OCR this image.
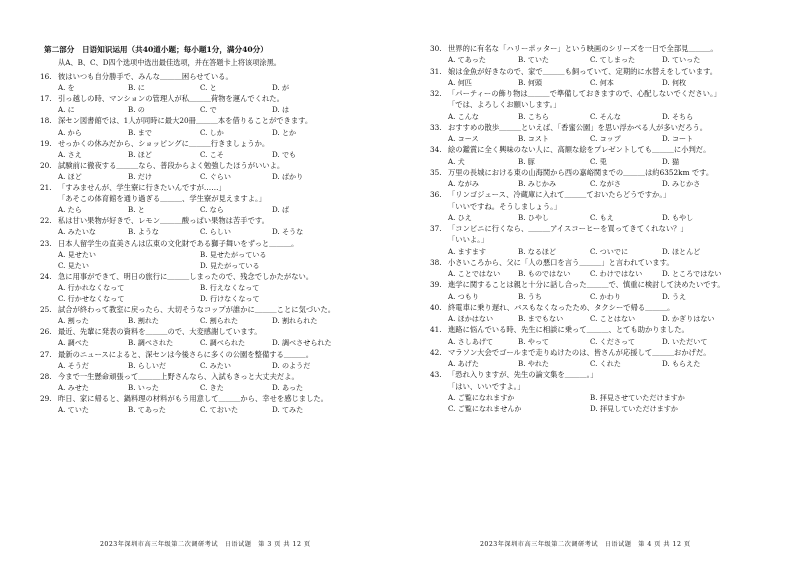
第二部分　日语知识运用（共40道小题；每小题1分，满分40分）
从A、B、C、D四个选项中选出最佳选项，并在答题卡上将该项涂黑。
16. 彼はいつも自分勝手で、みんな＿＿＿困らせている。
A. を	B. に	C. と	D. が
17. 引っ越しの時、マンションの管理人が私＿＿＿荷物を運んでくれた。
A. に	B. の	C. で	D. は
18. 深セン図書館では、1人が同時に最大20冊＿＿＿本を借りることができます。
A. から	B. まで	C. しか	D. とか
19. せっかくの休みだから、ショッピングに＿＿＿行きましょうか。
A. さえ	B. ほど	C. こそ	D. でも
20. 試験前に徹夜する＿＿＿なら、普段からよく勉強したほうがいいよ。
A. ほど	B. だけ	C. ぐらい	D. ばかり
21. 「すみませんが、学生寮に行きたいんですが……」
「あそこの体育館を通り過ぎる＿＿＿、学生寮が見えますよ。」
A. たら	B. と	C. なら	D. ば
22. 私は甘い果物が好きで、レモン＿＿＿酸っぱい果物は苦手です。
A. みたいな	B. ような	C. らしい	D. そうな
23. 日本人留学生の直美さんは広東の文化財である獅子舞いをずっと＿＿＿。
A. 見せたい	B. 見せたがっている
C. 見たい	D. 見たがっている
24. 急に用事ができて、明日の旅行に＿＿＿しまったので、残念でしかたがない。
A. 行かれなくなって	B. 行えなくなって
C. 行かせなくなって	D. 行けなくなって
25. 試合が終わって教室に戻ったら、大切そうなコップが誰かに＿＿＿ことに気づいた。
A. 割った	B. 割れた	C. 割られた	D. 割れられた
26. 最近、先輩に発表の資料を＿＿＿ので、大変感謝しています。
A. 調べた	B. 調べされた	C. 調べられた	D. 調べさせられた
27. 最新のニュースによると、深センは今後さらに多くの公園を整備する＿＿＿。
A. そうだ	B. らしいだ	C. みたい	D. のようだ
28. 今まで一生懸命頑張って＿＿＿上野さんなら、入試もきっと大丈夫だよ。
A. みせた	B. いった	C. きた	D. あった
29. 昨日、家に帰ると、鍋料理の材料がもう用意して＿＿＿から、幸せを感じました。
A. ていた	B. てあった	C. ておいた	D. てみた
30. 世界的に有名な「ハリーポッター」という映画のシリーズを一日で全部見＿＿＿。
A. てあった	B. ていた	C. てしまった	D. ていった
31. 娘は金魚が好きなので、家で＿＿＿も飼っていて、定期的に水替えをしています。
A. 何匹	B. 何頭	C. 何本	D. 何枚
32. 「パーティーの飾り物は＿＿＿で準備しておきますので、心配しないでください。」
「では、よろしくお願いします。」
A. こんな	B. こちら	C. そんな	D. そちら
33. おすすめの散歩＿＿＿といえば、「香蜜公園」を思い浮かべる人が多いだろう。
A. コース	B. コスト	C. コップ	D. コート
34. 絵の鑑賞に全く興味のない人に、高額な絵をプレゼントしても＿＿＿に小判だ。
A. 犬	B. 豚	C. 兎	D. 猫
35. 万里の長城における東の山海関から西の嘉峪関までの＿＿＿は約6352km です。
A. ながみ	B. みじかみ	C. ながさ	D. みじかさ
36. 「リンゴジュース、冷蔵庫に入れて＿＿＿ておいたらどうですか。」
「いいですね。そうしましょう。」
A. ひえ	B. ひやし	C. もえ	D. もやし
37. 「コンビニに行くなら、＿＿＿アイスコーヒーを買ってきてくれない？」
「いいよ。」
A. ますます	B. なるほど	C. ついでに	D. ほとんど
38. 小さいころから、父に「人の悪口を言う＿＿＿」と言われています。
A. ことではない	B. ものではない	C. わけではない	D. ところではない
39. 進学に関することは親と十分に話し合った＿＿＿で、慎重に検討して決めたいです。
A. つもり	B. うち	C. かわり	D. うえ
40. 終電車に乗り遅れ、バスもなくなったため、タクシーで帰る＿＿＿。
A. ほかはない	B. までもない	C. ことはない	D. かぎりはない
41. 進路に悩んでいる時、先生に相談に乗って＿＿＿、とても助かりました。
A. さしあげて	B. やって	C. くださって	D. いただいて
42. マラソン大会でゴールまで走りぬけたのは、皆さんが応援して＿＿＿おかげだ。
A. あげた	B. やれた	C. くれた	D. もらえた
43. 「恐れ入りますが、先生の論文集を＿＿＿。」
「はい、いいですよ。」
A. ご覧になれますか	B. 拝見させていただけますか
C. ご覧になれませんか	D. 拝見していただけますか
2023年深圳市高三年级第二次调研考试　日语试题　第 3 页 共 12 页	2023年深圳市高三年级第二次调研考试　日语试题　第 4 页 共 12 页
